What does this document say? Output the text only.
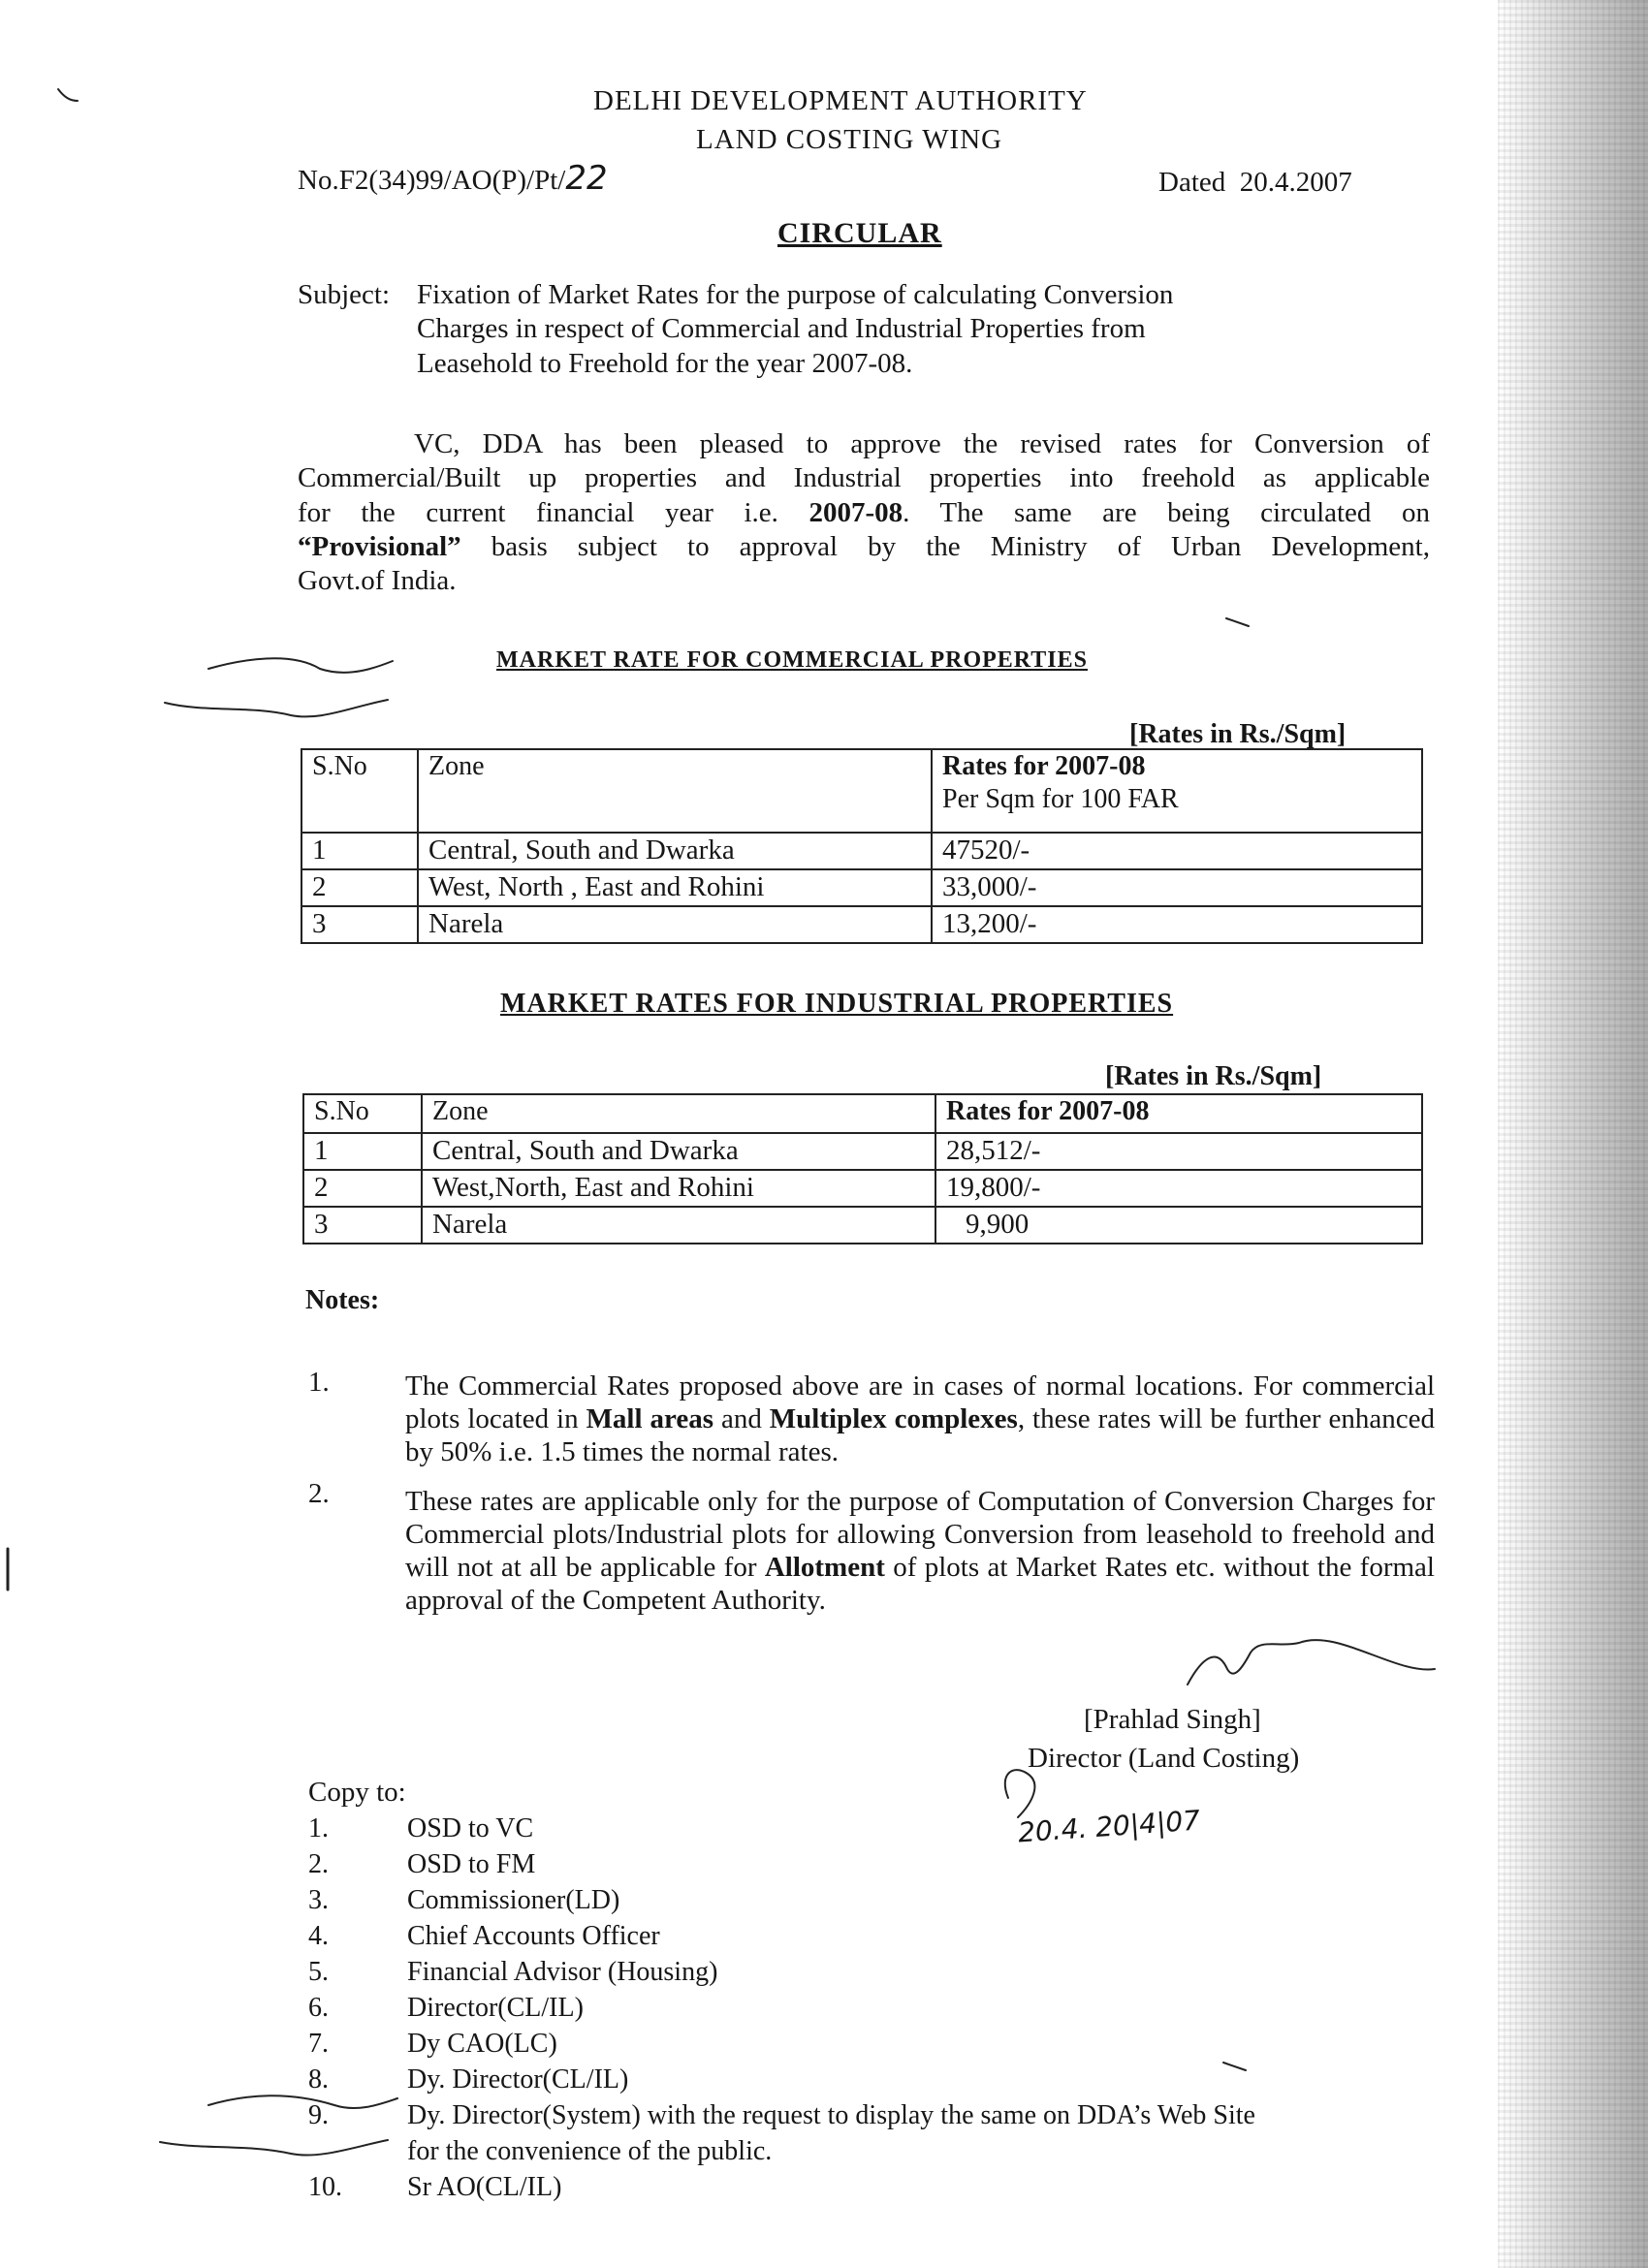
DELHI DEVELOPMENT AUTHORITY
LAND COSTING WING
No.F2(34)99/AO(P)/Pt/22	Dated 20.4.2007
CIRCULAR
Subject: Fixation of Market Rates for the purpose of calculating Conversion
Charges in respect of Commercial and Industrial Properties from
Leasehold to Freehold for the year 2007-08.
VC, DDA has been pleased to approve the revised rates for Conversion of
Commercial/Built up properties and Industrial properties into freehold as applicable
for the current financial year i.e. 2007-08. The same are being circulated on
“Provisional” basis subject to approval by the Ministry of Urban Development,
Govt.of India.
MARKET RATE FOR COMMERCIAL PROPERTIES
[Rates in Rs./Sqm]
S.No	Zone	Rates for 2007-08
Per Sqm for 100 FAR

1	Central, South and Dwarka	47520/-
2	West, North , East and Rohini	33,000/-
3	Narela	13,200/-
MARKET RATES FOR INDUSTRIAL PROPERTIES
[Rates in Rs./Sqm]
S.No	Zone	Rates for 2007-08
1	Central, South and Dwarka	28,512/-
2	West,North, East and Rohini	19,800/-
3	Narela	9,900
Notes:
1.	The Commercial Rates proposed above are in cases of normal locations. For commercial plots located in Mall areas and Multiplex complexes, these rates will be further enhanced by 50% i.e. 1.5 times the normal rates.
2.	These rates are applicable only for the purpose of Computation of Conversion Charges for Commercial plots/Industrial plots for allowing Conversion from leasehold to freehold and will not at all be applicable for Allotment of plots at Market Rates etc. without the formal approval of the Competent Authority.
[Prahlad Singh]
Director (Land Costing)
20.4. 20|4|07
Copy to:
1.	OSD to VC
2.	OSD to FM
3.	Commissioner(LD)
4.	Chief Accounts Officer
5.	Financial Advisor (Housing)
6.	Director(CL/IL)
7.	Dy CAO(LC)
8.	Dy. Director(CL/IL)
9.	Dy. Director(System) with the request to display the same on DDA’s Web Site
for the convenience of the public.
10. Sr AO(CL/IL)
